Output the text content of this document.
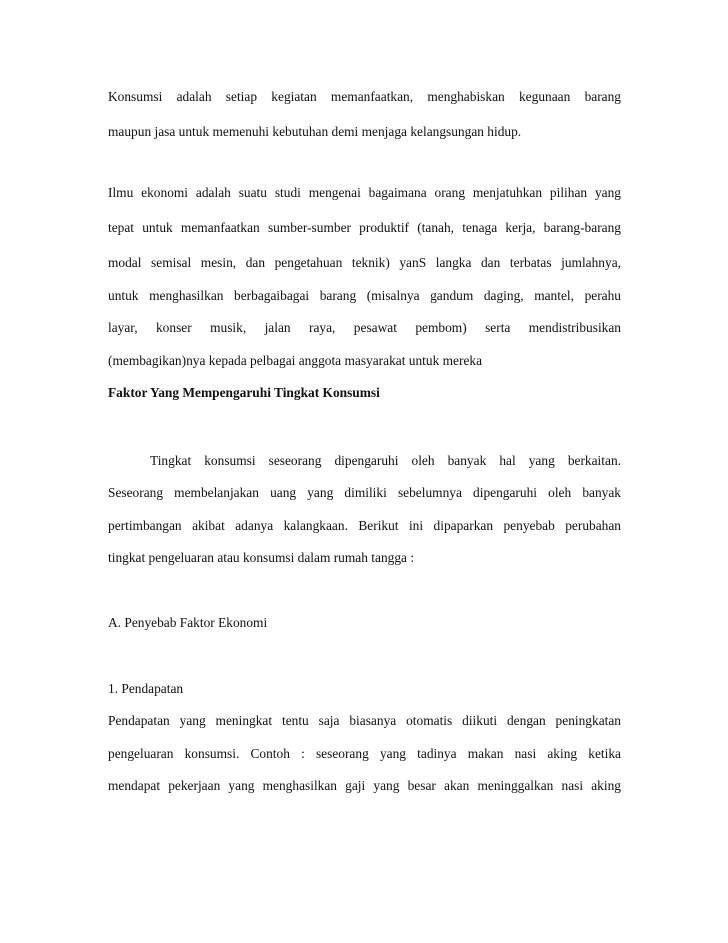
Konsumsi adalah setiap kegiatan memanfaatkan, menghabiskan kegunaan barang
maupun jasa untuk memenuhi kebutuhan demi menjaga kelangsungan hidup.
Ilmu ekonomi adalah suatu studi mengenai bagaimana orang menjatuhkan pilihan yang
tepat untuk memanfaatkan sumber-sumber produktif (tanah, tenaga kerja, barang-barang
modal semisal mesin, dan pengetahuan teknik) yanS langka dan terbatas jumlahnya,
untuk menghasilkan berbagaibagai barang (misalnya gandum daging, mantel, perahu
layar, konser musik, jalan raya, pesawat pembom) serta mendistribusikan
(membagikan)nya kepada pelbagai anggota masyarakat untuk mereka
Faktor Yang Mempengaruhi Tingkat Konsumsi
Tingkat konsumsi seseorang dipengaruhi oleh banyak hal yang berkaitan.
Seseorang membelanjakan uang yang dimiliki sebelumnya dipengaruhi oleh banyak
pertimbangan akibat adanya kalangkaan. Berikut ini dipaparkan penyebab perubahan
tingkat pengeluaran atau konsumsi dalam rumah tangga :
A. Penyebab Faktor Ekonomi
1. Pendapatan
Pendapatan yang meningkat tentu saja biasanya otomatis diikuti dengan peningkatan
pengeluaran konsumsi. Contoh : seseorang yang tadinya makan nasi aking ketika
mendapat pekerjaan yang menghasilkan gaji yang besar akan meninggalkan nasi aking
